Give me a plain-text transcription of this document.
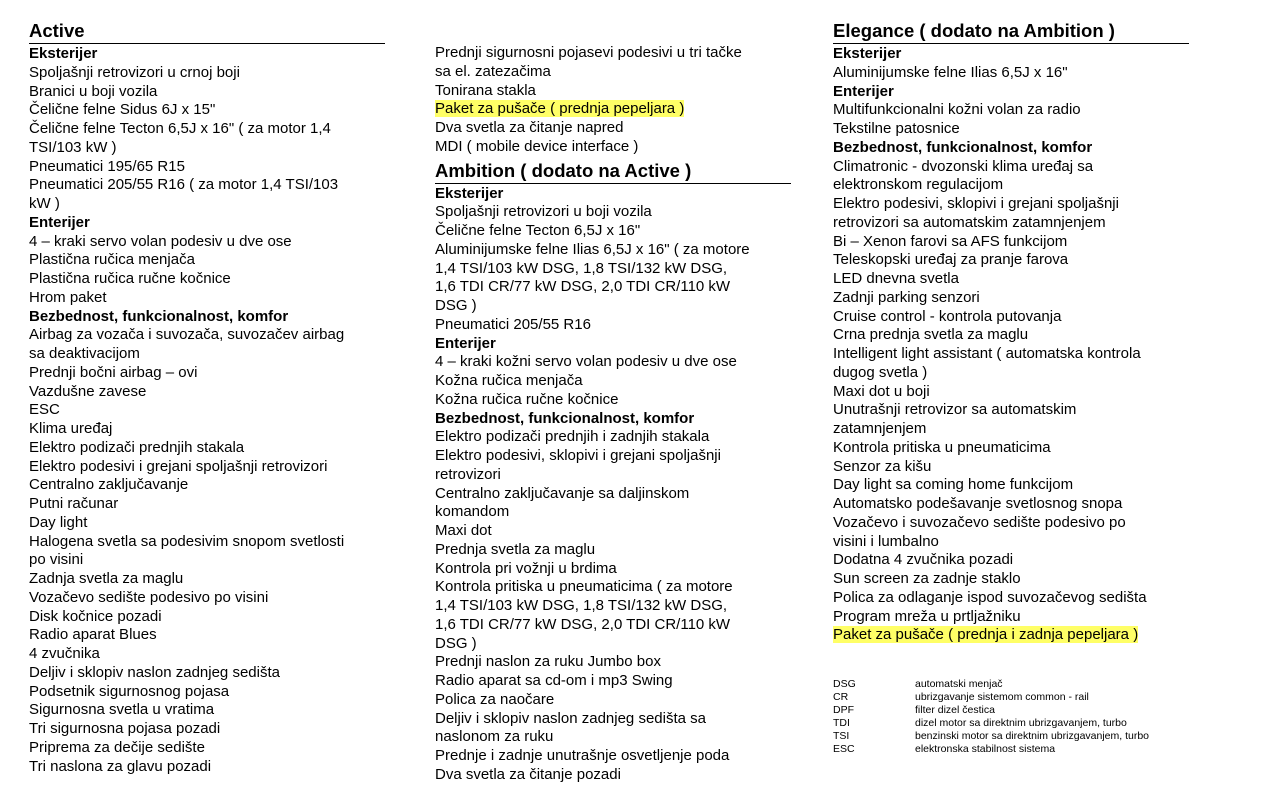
Active
Eksterijer
Spoljašnji retrovizori u crnoj boji
Branici u boji vozila
Čelične felne Sidus 6J x 15"
Čelične felne Tecton 6,5J x 16" ( za motor 1,4
TSI/103 kW )
Pneumatici 195/65 R15
Pneumatici 205/55 R16 ( za motor 1,4 TSI/103
kW )
Enterijer
4 – kraki servo volan podesiv u dve ose
Plastična ručica menjača
Plastična ručica ručne kočnice
Hrom paket
Bezbednost, funkcionalnost, komfor
Airbag za vozača i suvozača, suvozačev airbag
sa deaktivacijom
Prednji bočni airbag – ovi
Vazdušne zavese
ESC
Klima uređaj
Elektro podizači prednjih stakala
Elektro podesivi i grejani spoljašnji retrovizori
Centralno zaključavanje
Putni računar
Day light
Halogena svetla sa podesivim snopom svetlosti
po visini
Zadnja svetla za maglu
Vozačevo sedište podesivo po visini
Disk kočnice pozadi
Radio aparat Blues
4 zvučnika
Deljiv i sklopiv naslon zadnjeg sedišta
Podsetnik sigurnosnog pojasa
Sigurnosna svetla u vratima
Tri sigurnosna pojasa pozadi
Priprema za dečije sedište
Tri naslona za glavu pozadi
Prednji sigurnosni pojasevi podesivi u tri tačke
sa el. zatezačima
Tonirana stakla
Paket za pušače ( prednja pepeljara )
Dva svetla za čitanje napred
MDI ( mobile device interface )
Ambition ( dodato na Active )
Eksterijer
Spoljašnji retrovizori u boji vozila
Čelične felne Tecton 6,5J x 16"
Aluminijumske felne Ilias 6,5J x 16" ( za motore
1,4 TSI/103 kW DSG, 1,8 TSI/132 kW DSG,
1,6 TDI CR/77 kW DSG, 2,0 TDI CR/110 kW
DSG )
Pneumatici 205/55 R16
Enterijer
4 – kraki kožni servo volan podesiv u dve ose
Kožna ručica menjača
Kožna ručica ručne kočnice
Bezbednost, funkcionalnost, komfor
Elektro podizači prednjih i zadnjih stakala
Elektro podesivi, sklopivi i grejani spoljašnji
retrovizori
Centralno zaključavanje sa daljinskom
komandom
Maxi dot
Prednja svetla za maglu
Kontrola pri vožnji u brdima
Kontrola pritiska u pneumaticima ( za motore
1,4 TSI/103 kW DSG, 1,8 TSI/132 kW DSG,
1,6 TDI CR/77 kW DSG, 2,0 TDI CR/110 kW
DSG )
Prednji naslon za ruku Jumbo box
Radio aparat sa cd-om i mp3 Swing
Polica za naočare
Deljiv i sklopiv naslon zadnjeg sedišta sa
naslonom za ruku
Prednje i zadnje unutrašnje osvetljenje poda
Dva svetla za čitanje pozadi
Elegance ( dodato na Ambition )
Eksterijer
Aluminijumske felne Ilias 6,5J x 16"
Enterijer
Multifunkcionalni kožni volan za radio
Tekstilne patosnice
Bezbednost, funkcionalnost, komfor
Climatronic - dvozonski klima uređaj sa
elektronskom regulacijom
Elektro podesivi, sklopivi i grejani spoljašnji
retrovizori sa automatskim zatamnjenjem
Bi – Xenon farovi sa AFS funkcijom
Teleskopski uređaj za pranje farova
LED dnevna svetla
Zadnji parking senzori
Cruise control - kontrola putovanja
Crna prednja svetla za maglu
Intelligent light assistant ( automatska kontrola
dugog svetla )
Maxi dot u boji
Unutrašnji retrovizor sa automatskim
zatamnjenjem
Kontrola pritiska u pneumaticima
Senzor za kišu
Day light sa coming home funkcijom
Automatsko podešavanje svetlosnog snopa
Vozačevo i suvozačevo sedište podesivo po
visini i lumbalno
Dodatna 4 zvučnika pozadi
Sun screen za zadnje staklo
Polica za odlaganje ispod suvozačevog sedišta
Program mreža u prtljažniku
Paket za pušače ( prednja i zadnja pepeljara )
DSG	automatski menjač
CR	ubrizgavanje sistemom common - rail
DPF	filter dizel čestica
TDI	dizel motor sa direktnim ubrizgavanjem, turbo
TSI	benzinski motor sa direktnim ubrizgavanjem, turbo
ESC	elektronska stabilnost sistema
